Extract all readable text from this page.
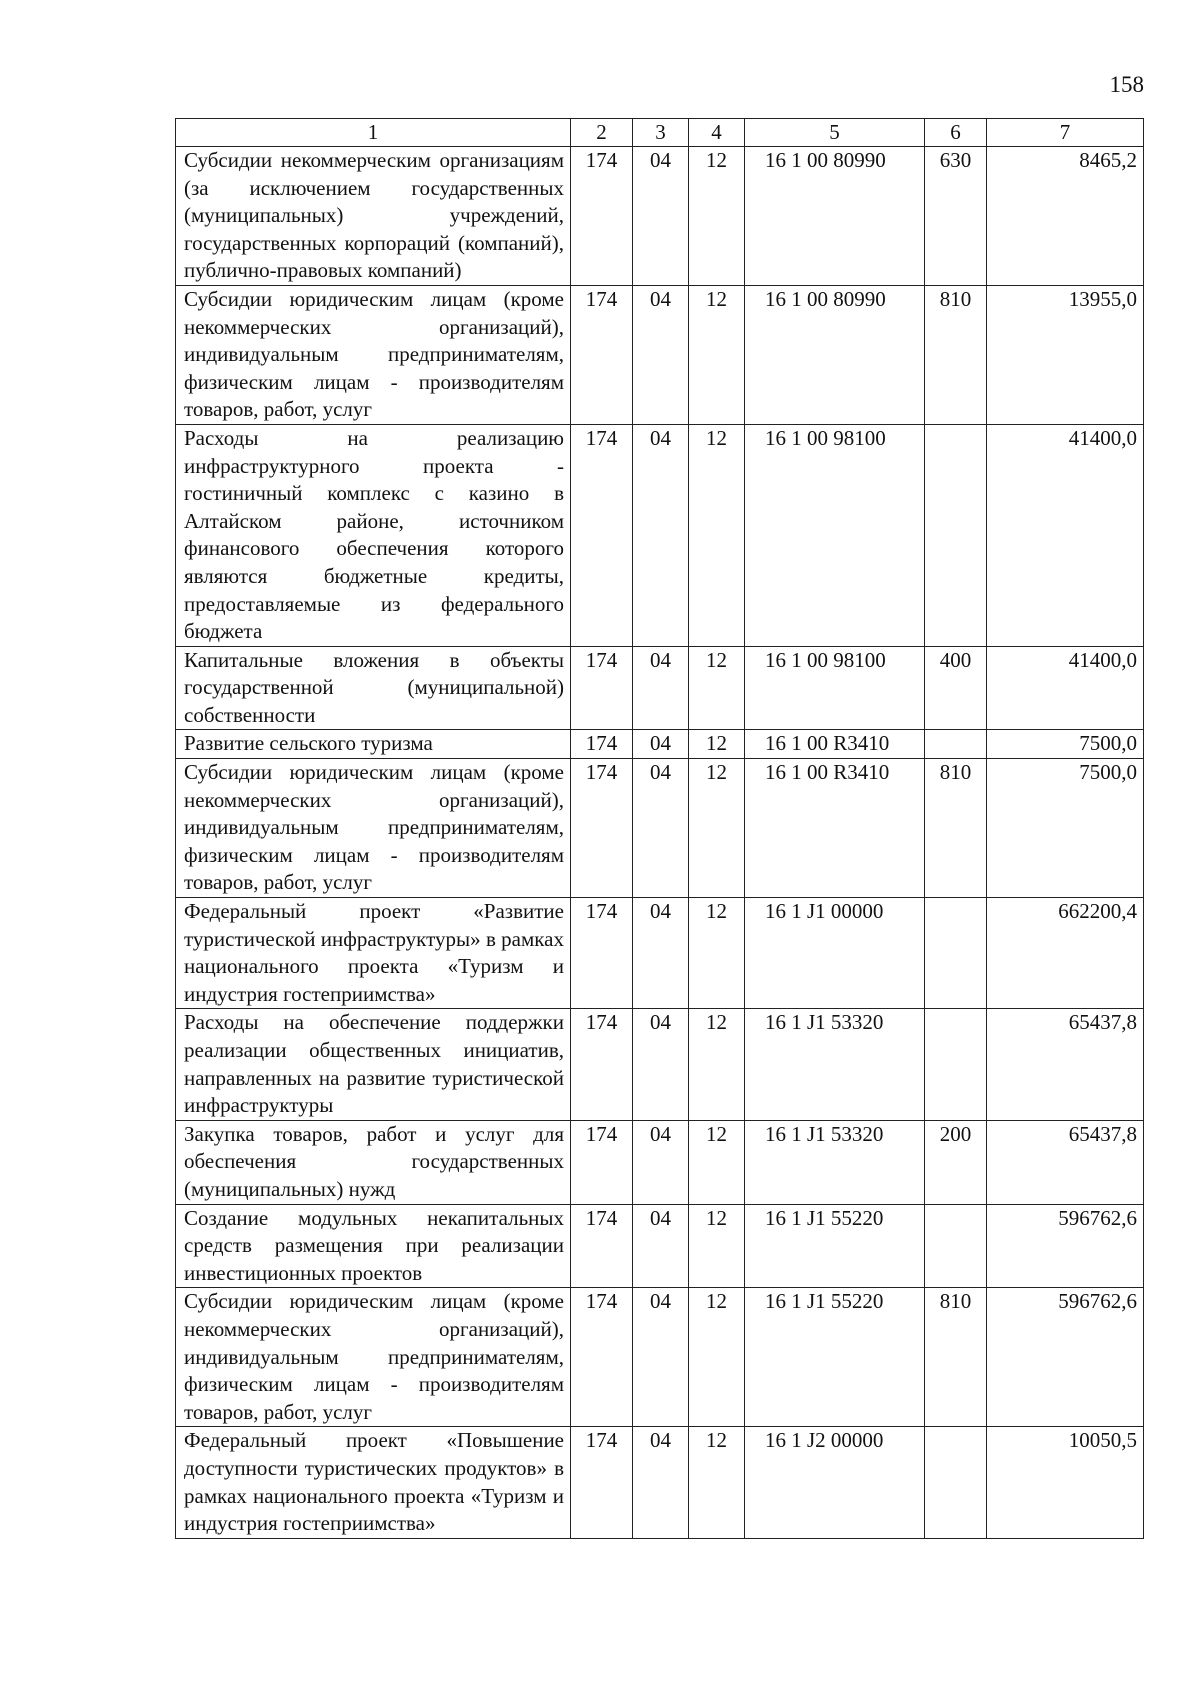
158
1	2	3	4	5	6	7
Субсидии некоммерческим организациям (за исключением государственных (муниципальных) учреждений, государственных корпораций (компаний), публично-правовых компаний)	174	04	12	16 1 00 80990	630	8465,2
Субсидии юридическим лицам (кроме некоммерческих организаций), индивидуальным предпринимателям, физическим лицам - производителям товаров, работ, услуг	174	04	12	16 1 00 80990	810	13955,0
Расходы на реализацию инфраструктурного проекта - гостиничный комплекс с казино в Алтайском районе, источником финансового обеспечения которого являются бюджетные кредиты, предоставляемые из федерального бюджета	174	04	12	16 1 00 98100		41400,0
Капитальные вложения в объекты государственной (муниципальной) собственности	174	04	12	16 1 00 98100	400	41400,0
Развитие сельского туризма	174	04	12	16 1 00 R3410		7500,0
Субсидии юридическим лицам (кроме некоммерческих организаций), индивидуальным предпринимателям, физическим лицам - производителям товаров, работ, услуг	174	04	12	16 1 00 R3410	810	7500,0
Федеральный проект «Развитие туристической инфраструктуры» в рамках национального проекта «Туризм и индустрия гостеприимства»	174	04	12	16 1 J1 00000		662200,4
Расходы на обеспечение поддержки реализации общественных инициатив, направленных на развитие туристической инфраструктуры	174	04	12	16 1 J1 53320		65437,8
Закупка товаров, работ и услуг для обеспечения государственных (муниципальных) нужд	174	04	12	16 1 J1 53320	200	65437,8
Создание модульных некапитальных средств размещения при реализации инвестиционных проектов	174	04	12	16 1 J1 55220		596762,6
Субсидии юридическим лицам (кроме некоммерческих организаций), индивидуальным предпринимателям, физическим лицам - производителям товаров, работ, услуг	174	04	12	16 1 J1 55220	810	596762,6
Федеральный проект «Повышение доступности туристических продуктов» в рамках национального проекта «Туризм и индустрия гостеприимства»	174	04	12	16 1 J2 00000		10050,5
